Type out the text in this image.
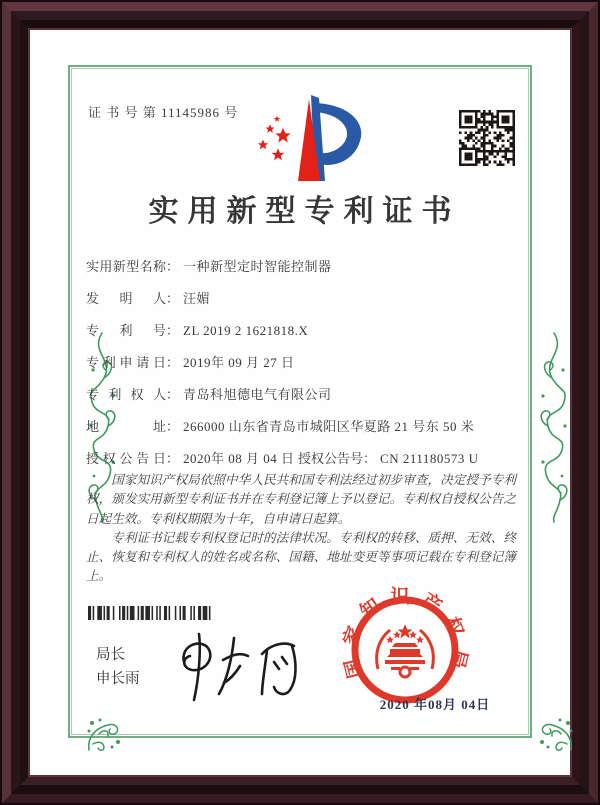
证 书 号 第 11145986 号
实用新型专利证书
实用新型名称： 一种新型定时智能控制器
发明人： 汪媚
专利号： ZL 2019 2 1621818.X
专利申请日： 2019年 09 月 27 日
专利权人： 青岛科旭德电气有限公司
地址： 266000 山东省青岛市城阳区华夏路 21 号东 50 米
授权公告日： 2020年 08 月 04 日 授权公告号： CN 211180573 U

国家知识产权局依照中华人民共和国专利法经过初步审查，决定授予专利权，颁发实用新型专利证书并在专利登记簿上予以登记。专利权自授权公告之日起生效。专利权期限为十年，自申请日起算。

专利证书记载专利权登记时的法律状况。专利权的转移、质押、无效、终止、恢复和专利权人的姓名或名称、国籍、地址变更等事项记载在专利登记簿上。

局长
申长雨	国家知识产权局
2020 年08月 04日
